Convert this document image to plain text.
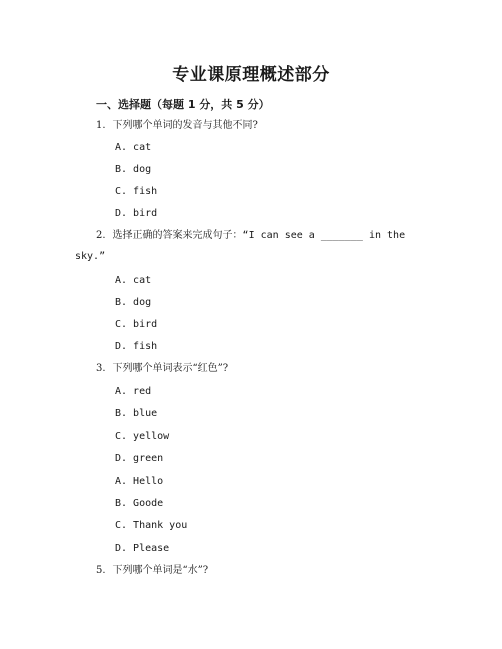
专业课原理概述部分
一、选择题（每题 1 分，共 5 分）
1. 下列哪个单词的发音与其他不同?
A. cat
B. dog
C. fish
D. bird
2. 选择正确的答案来完成句子：“I can see a _______ in the
sky.”
A. cat
B. dog
C. bird
D. fish
3. 下列哪个单词表示“红色”?
A. red
B. blue
C. yellow
D. green
A. Hello
B. Goode
C. Thank you
D. Please
5. 下列哪个单词是“水”?
